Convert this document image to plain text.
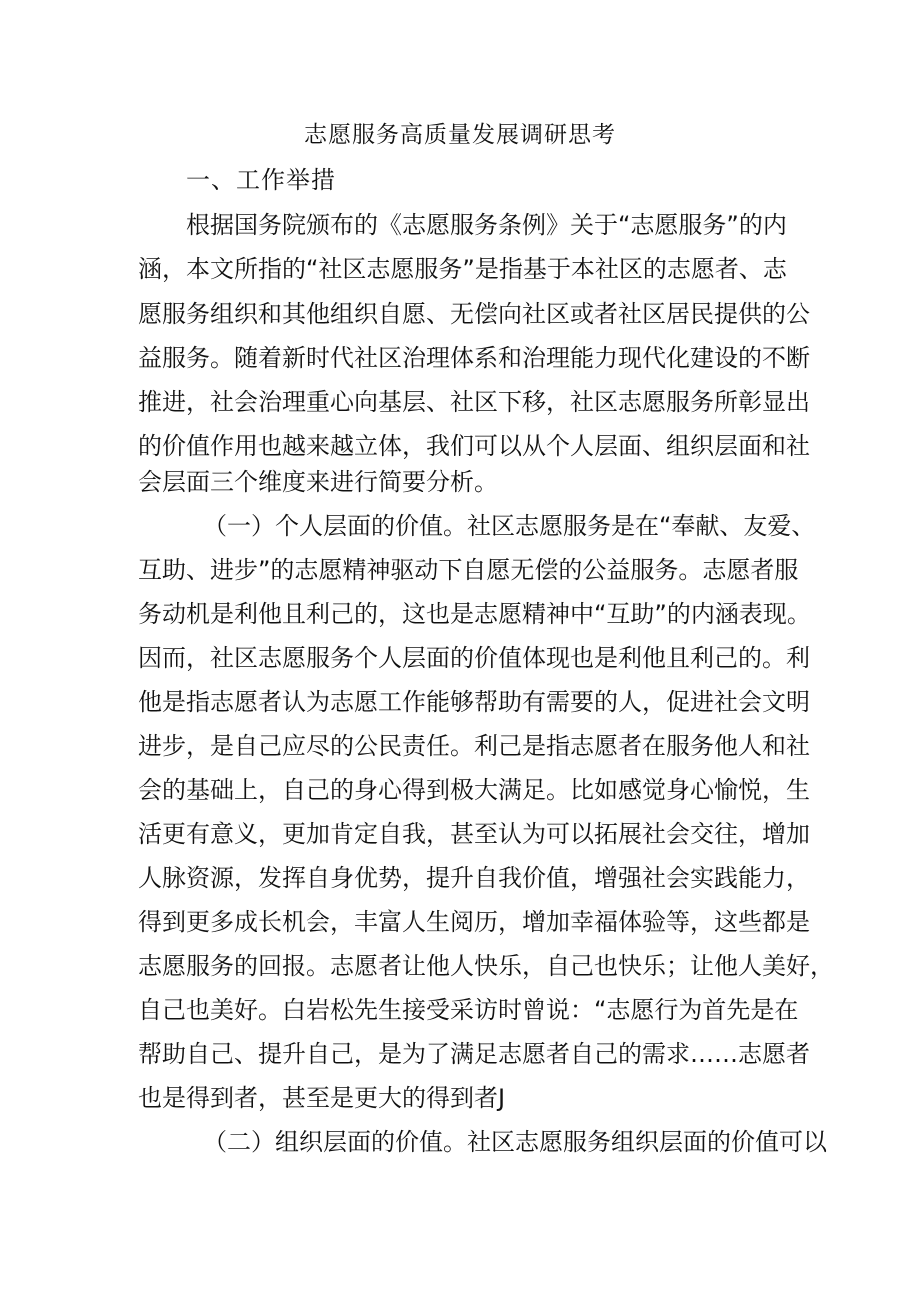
志愿服务高质量发展调研思考
一、工作举措
根据国务院颁布的《志愿服务条例》关于“志愿服务”的内
涵，本文所指的“社区志愿服务”是指基于本社区的志愿者、志
愿服务组织和其他组织自愿、无偿向社区或者社区居民提供的公
益服务。随着新时代社区治理体系和治理能力现代化建设的不断
推进，社会治理重心向基层、社区下移，社区志愿服务所彰显出
的价值作用也越来越立体，我们可以从个人层面、组织层面和社
会层面三个维度来进行简要分析。
（一）个人层面的价值。社区志愿服务是在“奉献、友爱、
互助、进步”的志愿精神驱动下自愿无偿的公益服务。志愿者服
务动机是利他且利己的，这也是志愿精神中“互助”的内涵表现。
因而，社区志愿服务个人层面的价值体现也是利他且利己的。利
他是指志愿者认为志愿工作能够帮助有需要的人，促进社会文明
进步，是自己应尽的公民责任。利己是指志愿者在服务他人和社
会的基础上，自己的身心得到极大满足。比如感觉身心愉悦，生
活更有意义，更加肯定自我，甚至认为可以拓展社会交往，增加
人脉资源，发挥自身优势，提升自我价值，增强社会实践能力，
得到更多成长机会，丰富人生阅历，增加幸福体验等，这些都是
志愿服务的回报。志愿者让他人快乐，自己也快乐；让他人美好，
自己也美好。白岩松先生接受采访时曾说：“志愿行为首先是在
帮助自己、提升自己，是为了满足志愿者自己的需求……志愿者
也是得到者，甚至是更大的得到者J
（二）组织层面的价值。社区志愿服务组织层面的价值可以
